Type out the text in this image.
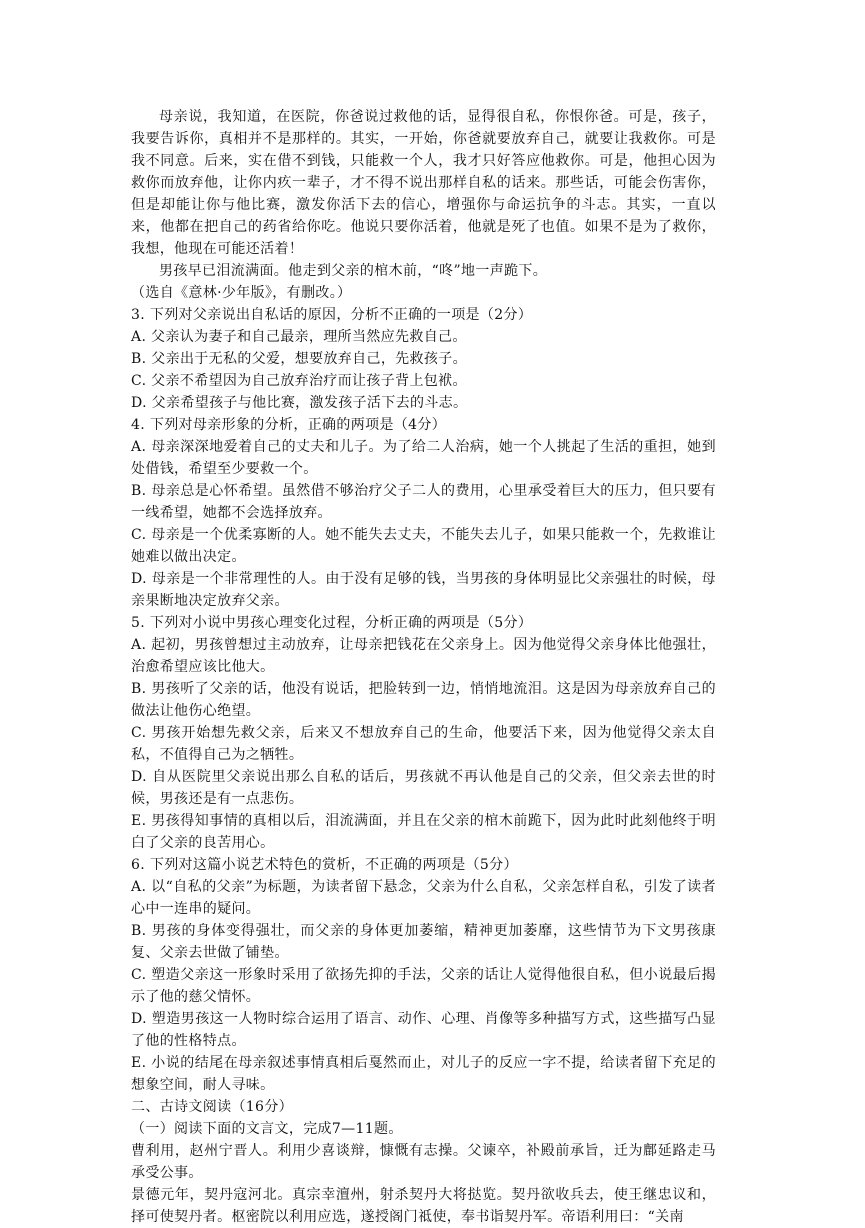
母亲说，我知道，在医院，你爸说过救他的话，显得很自私，你恨你爸。可是，孩子，我要告诉你，真相并不是那样的。其实，一开始，你爸就要放弃自己，就要让我救你。可是我不同意。后来，实在借不到钱，只能救一个人，我才只好答应他救你。可是，他担心因为救你而放弃他，让你内疚一辈子，才不得不说出那样自私的话来。那些话，可能会伤害你，但是却能让你与他比赛，激发你活下去的信心，增强你与命运抗争的斗志。其实，一直以来，他都在把自己的药省给你吃。他说只要你活着，他就是死了也值。如果不是为了救你，我想，他现在可能还活着！

男孩早已泪流满面。他走到父亲的棺木前，“咚”地一声跪下。

（选自《意林·少年版》，有删改。）

3. 下列对父亲说出自私话的原因，分析不正确的一项是（2分）

A. 父亲认为妻子和自己最亲，理所当然应先救自己。

B. 父亲出于无私的父爱，想要放弃自己，先救孩子。

C. 父亲不希望因为自己放弃治疗而让孩子背上包袱。

D. 父亲希望孩子与他比赛，激发孩子活下去的斗志。

4. 下列对母亲形象的分析，正确的两项是（4分）

A. 母亲深深地爱着自己的丈夫和儿子。为了给二人治病，她一个人挑起了生活的重担，她到处借钱，希望至少要救一个。

B. 母亲总是心怀希望。虽然借不够治疗父子二人的费用，心里承受着巨大的压力，但只要有一线希望，她都不会选择放弃。

C. 母亲是一个优柔寡断的人。她不能失去丈夫，不能失去儿子，如果只能救一个，先救谁让她难以做出决定。

D. 母亲是一个非常理性的人。由于没有足够的钱，当男孩的身体明显比父亲强壮的时候，母亲果断地决定放弃父亲。

5. 下列对小说中男孩心理变化过程，分析正确的两项是（5分）

A. 起初，男孩曾想过主动放弃，让母亲把钱花在父亲身上。因为他觉得父亲身体比他强壮，治愈希望应该比他大。

B. 男孩听了父亲的话，他没有说话，把脸转到一边，悄悄地流泪。这是因为母亲放弃自己的做法让他伤心绝望。

C. 男孩开始想先救父亲，后来又不想放弃自己的生命，他要活下来，因为他觉得父亲太自私，不值得自己为之牺牲。

D. 自从医院里父亲说出那么自私的话后，男孩就不再认他是自己的父亲，但父亲去世的时候，男孩还是有一点悲伤。

E. 男孩得知事情的真相以后，泪流满面，并且在父亲的棺木前跪下，因为此时此刻他终于明白了父亲的良苦用心。

6. 下列对这篇小说艺术特色的赏析，不正确的两项是（5分）

A. 以“自私的父亲”为标题，为读者留下悬念，父亲为什么自私，父亲怎样自私，引发了读者心中一连串的疑问。

B. 男孩的身体变得强壮，而父亲的身体更加萎缩，精神更加萎靡，这些情节为下文男孩康复、父亲去世做了铺垫。

C. 塑造父亲这一形象时采用了欲扬先抑的手法，父亲的话让人觉得他很自私，但小说最后揭示了他的慈父情怀。

D. 塑造男孩这一人物时综合运用了语言、动作、心理、肖像等多种描写方式，这些描写凸显了他的性格特点。

E. 小说的结尾在母亲叙述事情真相后戛然而止，对儿子的反应一字不提，给读者留下充足的想象空间，耐人寻味。

二、古诗文阅读（16分）

（一）阅读下面的文言文，完成7—11题。

曹利用，赵州宁晋人。利用少喜谈辩，慷慨有志操。父谏卒，补殿前承旨，迁为鄜延路走马承受公事。

景德元年，契丹寇河北。真宗幸澶州，射杀契丹大将挞览。契丹欲收兵去，使王继忠议和，择可使契丹者。枢密院以利用应选，遂授阁门祗使，奉书诣契丹军。帝语利用曰：“关南
